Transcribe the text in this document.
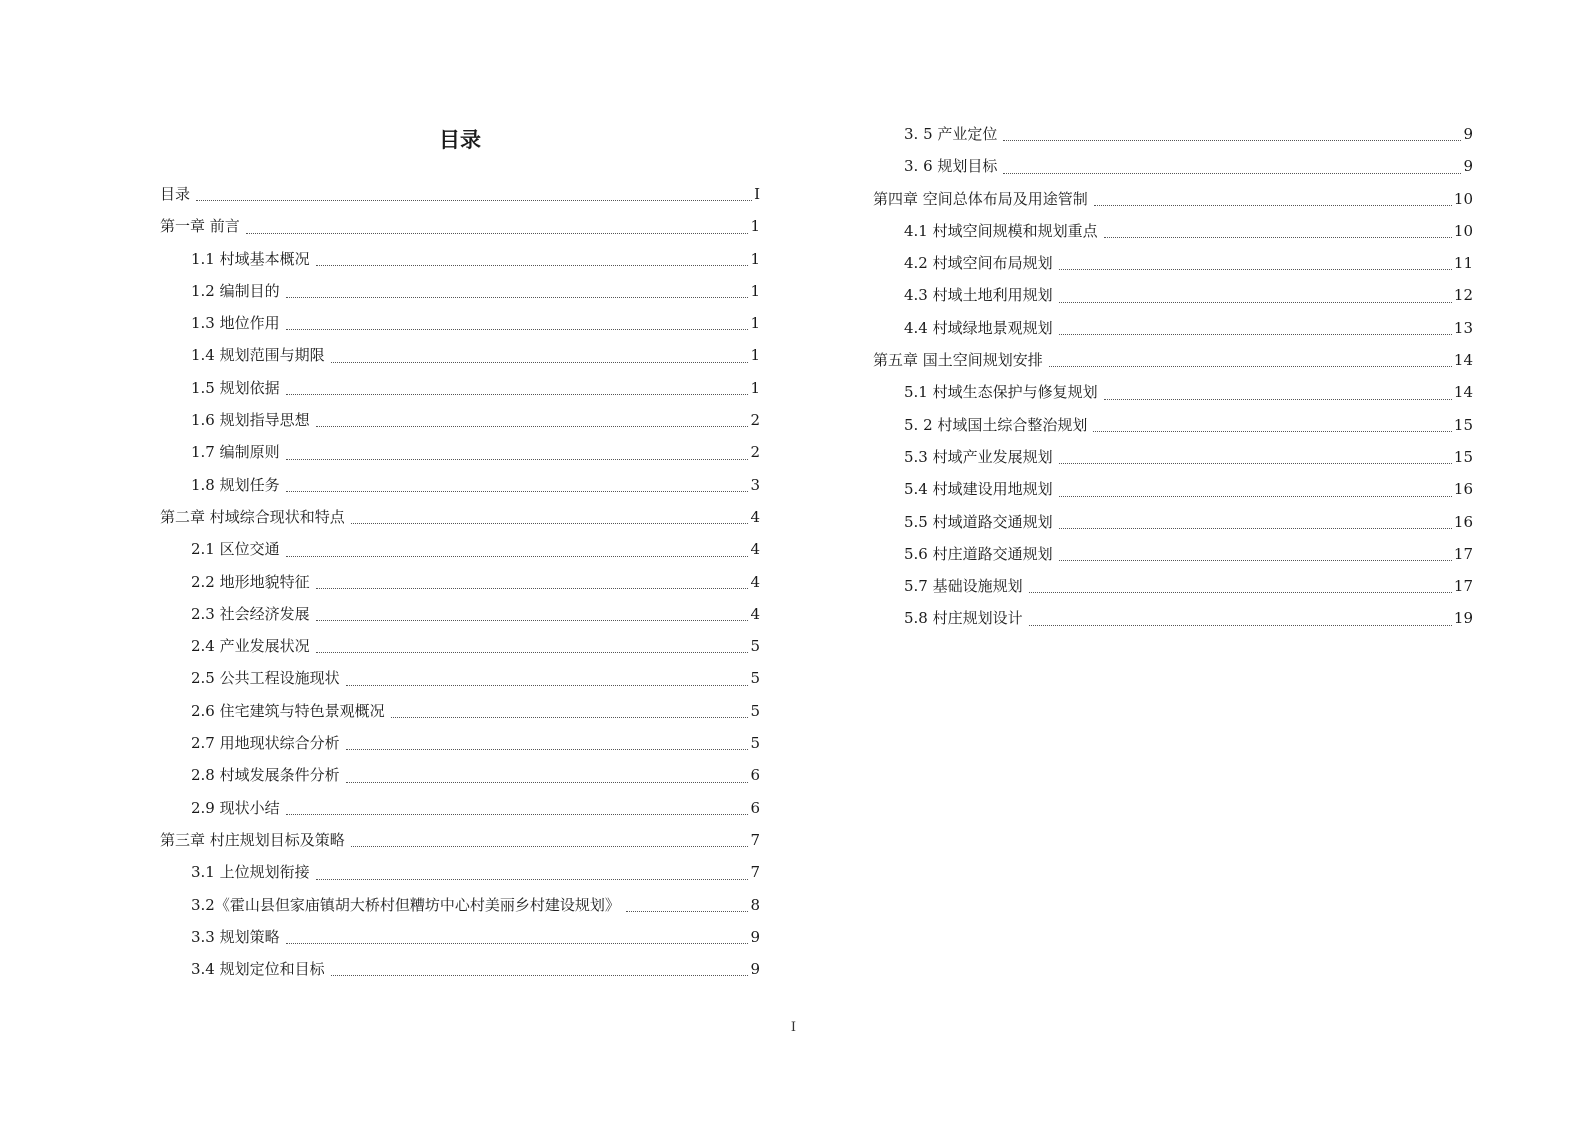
目录
目录	I
第一章 前言	1
1.1 村域基本概况	1
1.2 编制目的	1
1.3 地位作用	1
1.4 规划范围与期限	1
1.5 规划依据	1
1.6 规划指导思想	2
1.7 编制原则	2
1.8 规划任务	3
第二章 村域综合现状和特点	4
2.1 区位交通	4
2.2 地形地貌特征	4
2.3 社会经济发展	4
2.4 产业发展状况	5
2.5 公共工程设施现状	5
2.6 住宅建筑与特色景观概况	5
2.7 用地现状综合分析	5
2.8 村域发展条件分析	6
2.9 现状小结	6
第三章 村庄规划目标及策略	7
3.1 上位规划衔接	7
3.2《霍山县但家庙镇胡大桥村但糟坊中心村美丽乡村建设规划》	8
3.3 规划策略	9
3.4 规划定位和目标	9
3. 5 产业定位	9
3. 6 规划目标	9
第四章 空间总体布局及用途管制	10
4.1 村域空间规模和规划重点	10
4.2 村域空间布局规划	11
4.3 村域土地利用规划	12
4.4 村域绿地景观规划	13
第五章 国土空间规划安排	14
5.1 村域生态保护与修复规划	14
5. 2 村域国土综合整治规划	15
5.3 村域产业发展规划	15
5.4 村域建设用地规划	16
5.5 村域道路交通规划	16
5.6 村庄道路交通规划	17
5.7 基础设施规划	17
5.8 村庄规划设计	19
I
